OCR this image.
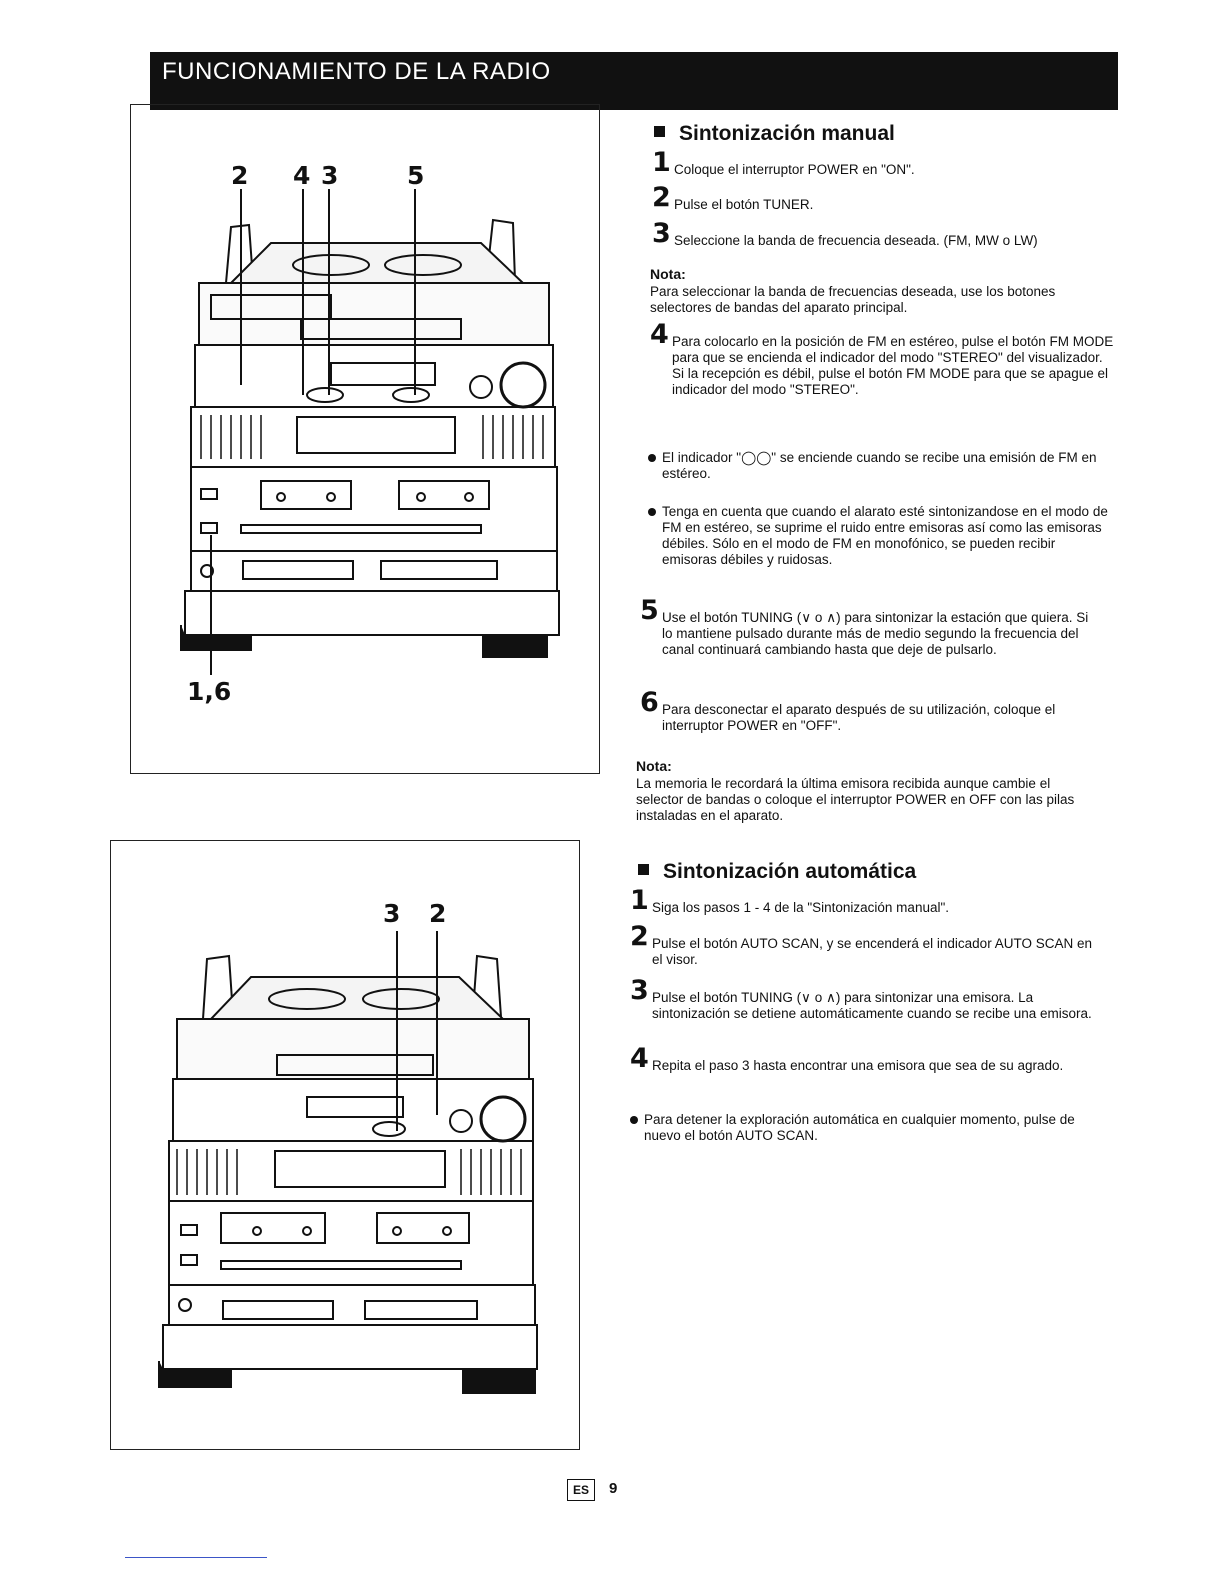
FUNCIONAMIENTO DE LA RADIO
2 4 3	5
1,6
3 2
Sintonización manual
1 Coloque el interruptor POWER en "ON".
2 Pulse el botón TUNER.
3 Seleccione la banda de frecuencia deseada. (FM, MW o LW)
Nota:
Para seleccionar la banda de frecuencias deseada, use los botones selectores de bandas del aparato principal.
4 Para colocarlo en la posición de FM en estéreo, pulse el botón FM MODE para que se encienda el indicador del modo "STEREO" del visualizador. Si la recepción es débil, pulse el botón FM MODE para que se apague el indicador del modo "STEREO".
El indicador "◯◯" se enciende cuando se recibe una emisión de FM en estéreo.
Tenga en cuenta que cuando el alarato esté sintonizandose en el modo de FM en estéreo, se suprime el ruido entre emisoras así como las emisoras débiles. Sólo en el modo de FM en monofónico, se pueden recibir emisoras débiles y ruidosas.
5 Use el botón TUNING (∨ o ∧) para sintonizar la estación que quiera. Si lo mantiene pulsado durante más de medio segundo la frecuencia del canal continuará cambiando hasta que deje de pulsarlo.
6 Para desconectar el aparato después de su utilización, coloque el interruptor POWER en "OFF".
Nota:
La memoria le recordará la última emisora recibida aunque cambie el selector de bandas o coloque el interruptor POWER en OFF con las pilas instaladas en el aparato.
Sintonización automática
1 Siga los pasos 1 - 4 de la "Sintonización manual".
2 Pulse el botón AUTO SCAN, y se encenderá el indicador AUTO SCAN en el visor.
3 Pulse el botón TUNING (∨ o ∧) para sintonizar una emisora. La sintonización se detiene automáticamente cuando se recibe una emisora.
4 Repita el paso 3 hasta encontrar una emisora que sea de su agrado.
Para detener la exploración automática en cualquier momento, pulse de nuevo el botón AUTO SCAN.
ES	9
